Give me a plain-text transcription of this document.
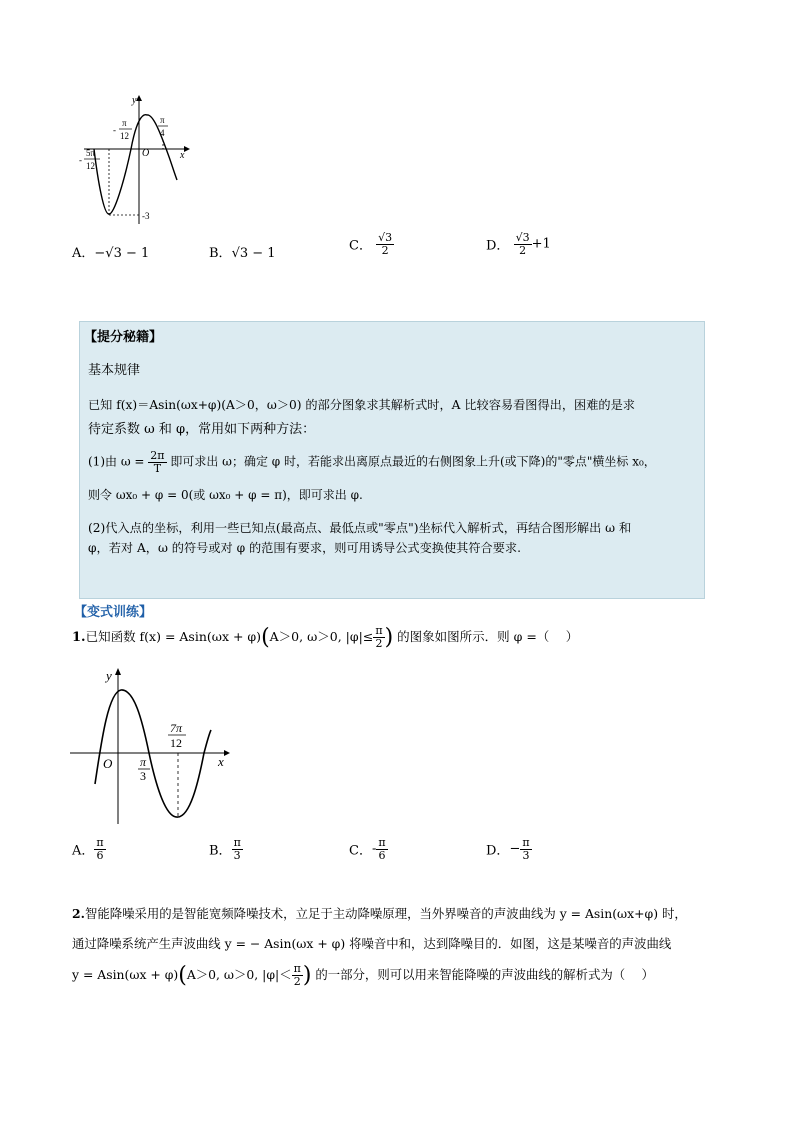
y
x
O
-
π
12
π
4
-
5π
12
-3
A．−√3 − 1	B．√3 − 1	C． $\frac{√3}{2}$	D． $\frac{√3}{2} +1$
【提分秘籍】
基本规律
已知 f(x)＝Asin(ωx+φ)(A＞0，ω＞0) 的部分图象求其解析式时，A 比较容易看图得出，困难的是求
待定系数 ω 和 φ，常用如下两种方法：
(1)由 $\omega = \frac{2\pi}{T}$ 即可求出 ω；确定 φ 时，若能求出离原点最近的右侧图象上升(或下降)的"零点"横坐标 x₀，
则令 ωx₀ + φ = 0(或 ωx₀ + φ = π)，即可求出 φ.
(2)代入点的坐标，利用一些已知点(最高点、最低点或"零点")坐标代入解析式，再结合图形解出 ω 和
φ，若对 A，ω 的符号或对 φ 的范围有要求，则可用诱导公式变换使其符合要求.
【变式训练】
1.已知函数 f(x) = Asin(ωx + φ)(A＞0, ω＞0, $|\varphi|\le \frac{\pi}{2}$ ) 的图象如图所示．则 φ =（　 ）
y
x
O π
3
7π
12
A． $\frac{\pi}{6}$	B． $\frac{\pi}{3}$	C．- $\frac{\pi}{6}$	D．− $\frac{\pi}{3}$
2.智能降噪采用的是智能宽频降噪技术，立足于主动降噪原理，当外界噪音的声波曲线为 y = Asin(ωx+φ) 时，
通过降噪系统产生声波曲线 y = − Asin(ωx + φ) 将噪音中和，达到降噪目的．如图，这是某噪音的声波曲线
y = Asin(ωx + φ)(A＞0, ω＞0, $|\varphi|< \frac{\pi}{2}$ ) 的一部分，则可以用来智能降噪的声波曲线的解析式为（　 ）
